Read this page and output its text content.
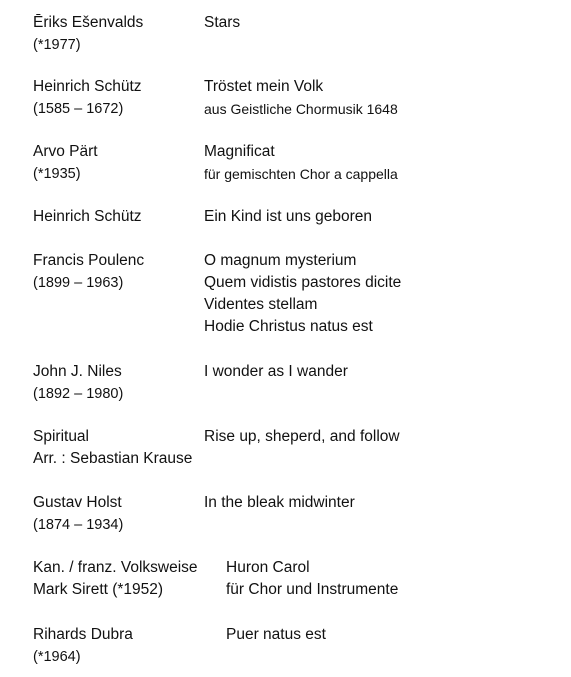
Ēriks Ešenvalds
(*1977)
Stars
Heinrich Schütz
(1585 – 1672)
Tröstet mein Volk
aus Geistliche Chormusik 1648
Arvo Pärt
(*1935)
Magnificat
für gemischten Chor a cappella
Heinrich Schütz	Ein Kind ist uns geboren
Francis Poulenc
(1899 – 1963)
O magnum mysterium
Quem vidistis pastores dicite
Videntes stellam
Hodie Christus natus est
John J. Niles
(1892 – 1980)
I wonder as I wander
Spiritual
Arr. : Sebastian Krause
Rise up, sheperd, and follow
Gustav Holst
(1874 – 1934)
In the bleak midwinter
Kan. / franz. Volksweise
Mark Sirett (*1952)
Huron Carol
für Chor und Instrumente
Rihards Dubra
(*1964)
Puer natus est
